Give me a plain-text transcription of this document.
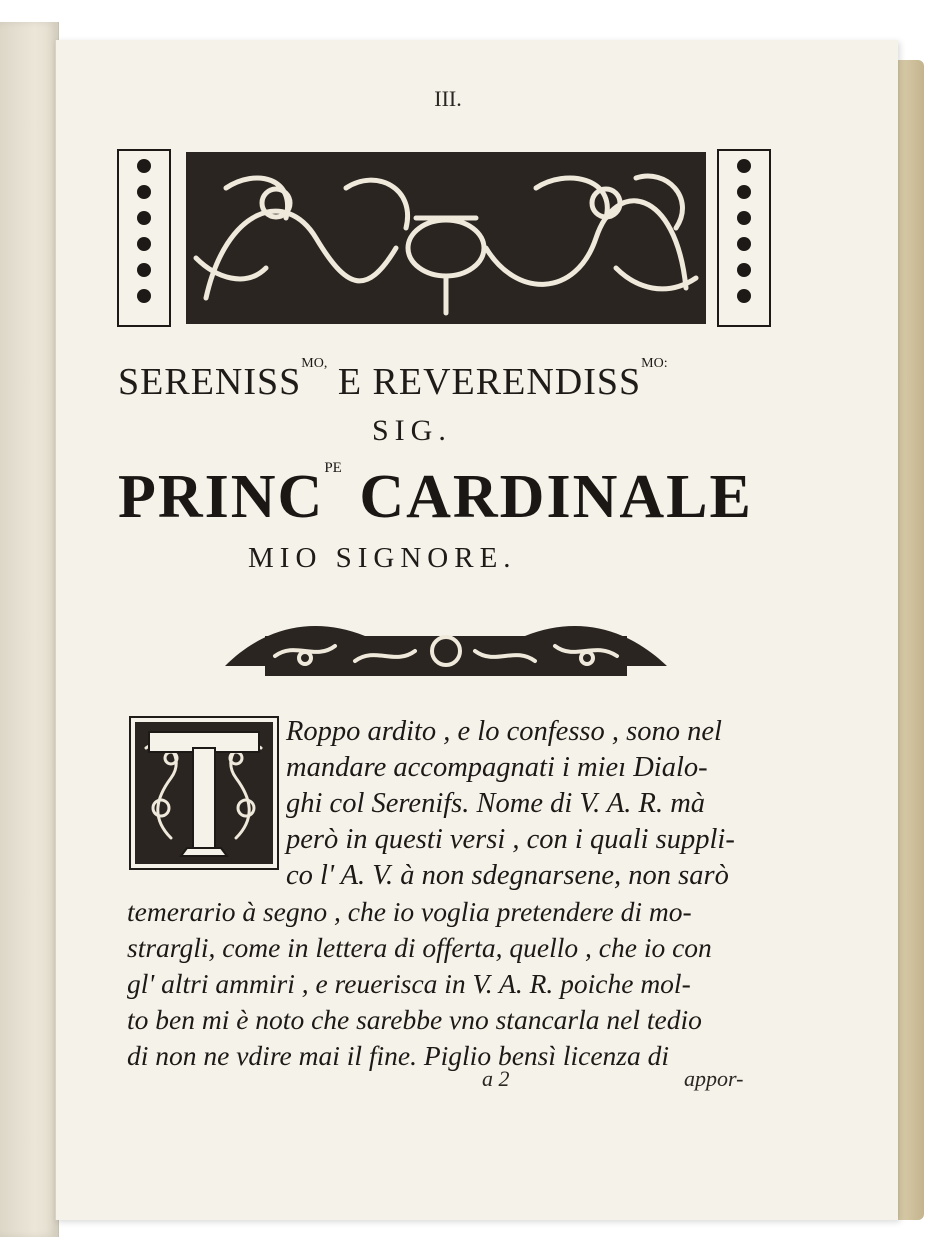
III.
$SERENISS^{MO,}$ E $REVERENDISS^{MO:}$
SIG.
$PRINC^{PE}$ CARDINALE
MIO SIGNORE.
Roppo ardito , e lo confesso , sono nel
mandare accompagnati i mieı Dialo-
ghi col Serenifs. Nome di V. A. R. mà
però in questi versi , con i quali suppli-
co l' A. V. à non sdegnarsene, non sarò
temerario à segno , che io voglia pretendere di mo-
strargli, come in lettera di offerta, quello , che io con
gl' altri ammiri , e reuerisca in V. A. R. poiche mol-
to ben mi è noto che sarebbe vno stancarla nel tedio
di non ne vdire mai il fine. Piglio bensì licenza di
a 2	appor-
